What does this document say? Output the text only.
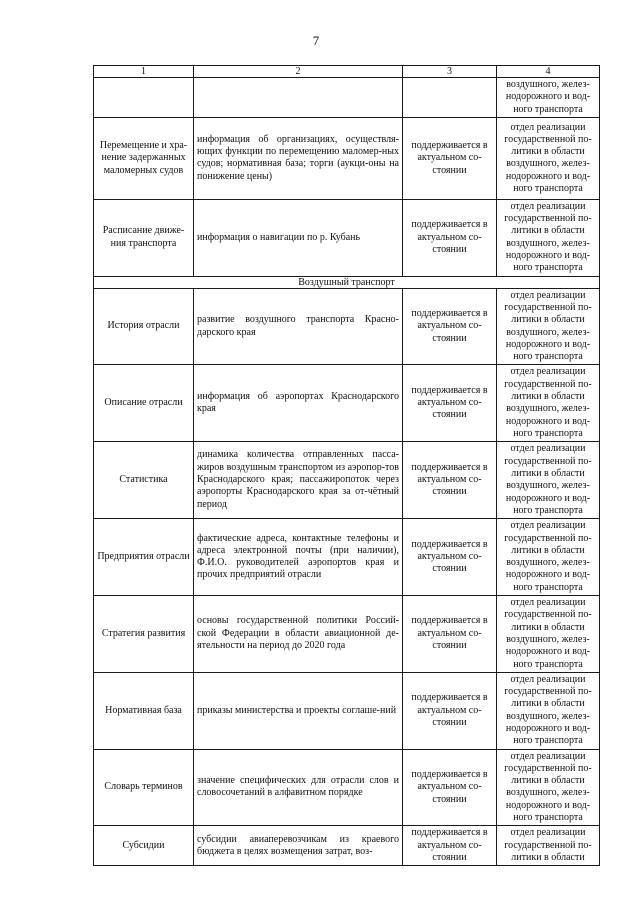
7
1	2	3	4
			воздушного, желез-нодорожного и вод-ного транспорта
Перемещение и хра-нение задержанных маломерных судов	информация об организациях, осуществля-ющих функции по перемещению маломер-ных судов; нормативная база; торги (аукци-оны на понижение цены)	поддерживается в актуальном со-стоянии	отдел реализации государственной по-литики в области воздушного, желез-нодорожного и вод-ного транспорта
Расписание движе-ния транспорта	информация о навигации по р. Кубань	поддерживается в актуальном со-стоянии	отдел реализации государственной по-литики в области воздушного, желез-нодорожного и вод-ного транспорта
Воздушный транспорт			
История отрасли	развитие воздушного транспорта Красно-дарского края	поддерживается в актуальном со-стоянии	отдел реализации государственной по-литики в области воздушного, желез-нодорожного и вод-ного транспорта
Описание отрасли	информация об аэропортах Краснодарского края	поддерживается в актуальном со-стоянии	отдел реализации государственной по-литики в области воздушного, желез-нодорожного и вод-ного транспорта
Статистика	динамика количества отправленных пасса-жиров воздушным транспортом из аэропор-тов Краснодарского края; пассажиропоток через аэропорты Краснодарского края за от-чётный период	поддерживается в актуальном со-стоянии	отдел реализации государственной по-литики в области воздушного, желез-нодорожного и вод-ного транспорта
Предприятия отрасли	фактические адреса, контактные телефоны и адреса электронной почты (при наличии), Ф.И.О. руководителей аэропортов края и прочих предприятий отрасли	поддерживается в актуальном со-стоянии	отдел реализации государственной по-литики в области воздушного, желез-нодорожного и вод-ного транспорта
Стратегия развития	основы государственной политики Россий-ской Федерации в области авиационной де-ятельности на период до 2020 года	поддерживается в актуальном со-стоянии	отдел реализации государственной по-литики в области воздушного, желез-нодорожного и вод-ного транспорта
Нормативная база	приказы министерства и проекты соглаше-ний	поддерживается в актуальном со-стоянии	отдел реализации государственной по-литики в области воздушного, желез-нодорожного и вод-ного транспорта
Словарь терминов	значение специфических для отрасли слов и словосочетаний в алфавитном порядке	поддерживается в актуальном со-стоянии	отдел реализации государственной по-литики в области воздушного, желез-нодорожного и вод-ного транспорта
Субсидии	субсидии авиаперевозчикам из краевого бюджета в целях возмещения затрат, воз-	поддерживается в актуальном со-стоянии	отдел реализации государственной по-литики в области
